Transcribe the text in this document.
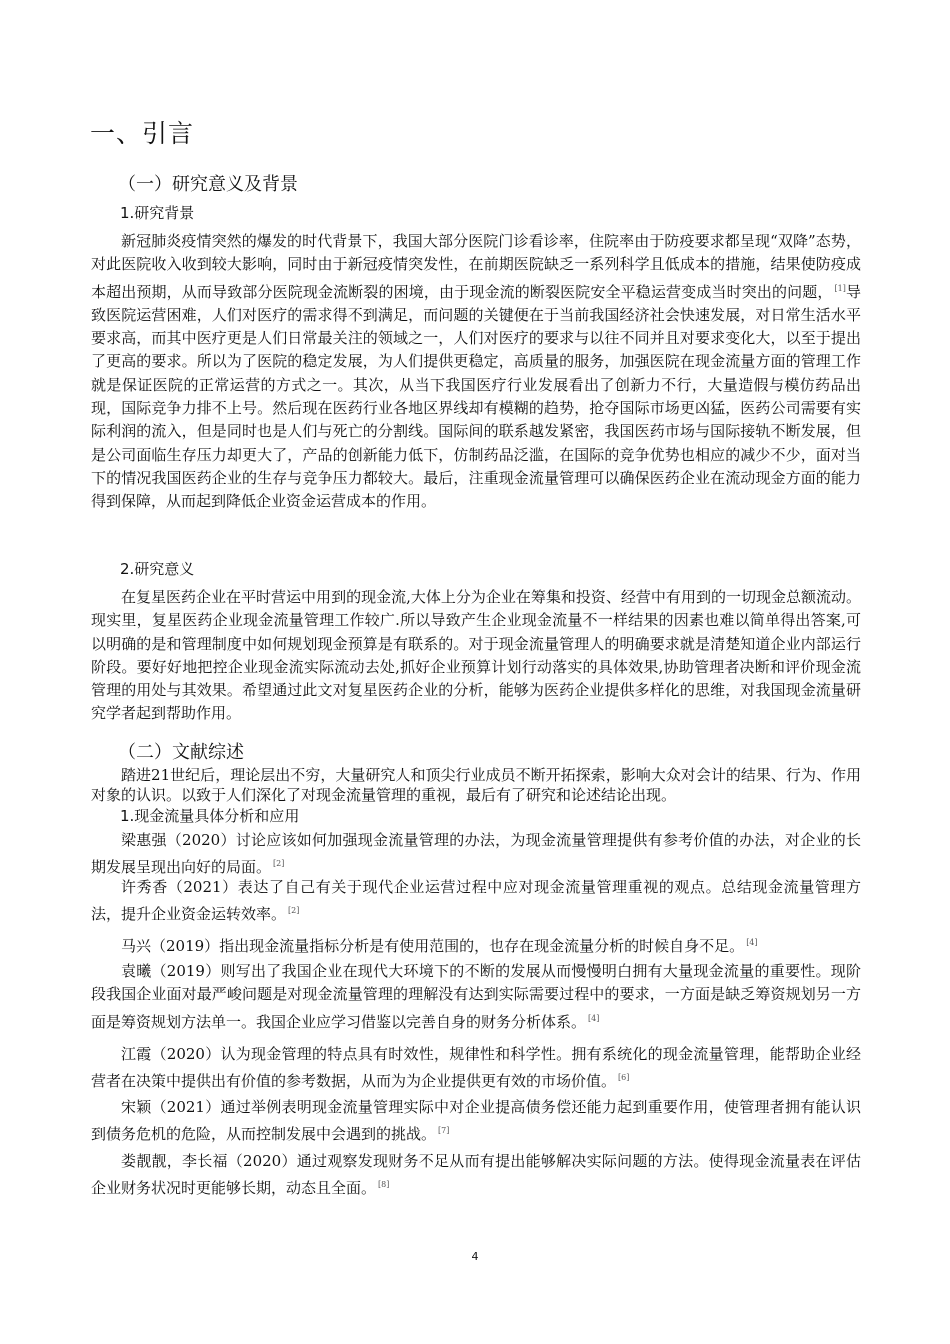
一、引言
（一）研究意义及背景
1.研究背景

新冠肺炎疫情突然的爆发的时代背景下，我国大部分医院门诊看诊率，住院率由于防疫要求都呈现“双降”态势，对此医院收入收到较大影响，同时由于新冠疫情突发性，在前期医院缺乏一系列科学且低成本的措施，结果使防疫成本超出预期，从而导致部分医院现金流断裂的困境，由于现金流的断裂医院安全平稳运营变成当时突出的问题， [1]导致医院运营困难，人们对医疗的需求得不到满足，而问题的关键便在于当前我国经济社会快速发展，对日常生活水平要求高，而其中医疗更是人们日常最关注的领域之一，人们对医疗的要求与以往不同并且对要求变化大，以至于提出了更高的要求。所以为了医院的稳定发展，为人们提供更稳定，高质量的服务，加强医院在现金流量方面的管理工作就是保证医院的正常运营的方式之一。其次，从当下我国医疗行业发展看出了创新力不行，大量造假与模仿药品出现，国际竞争力排不上号。然后现在医药行业各地区界线却有模糊的趋势，抢夺国际市场更凶猛，医药公司需要有实际利润的流入，但是同时也是人们与死亡的分割线。国际间的联系越发紧密，我国医药市场与国际接轨不断发展，但是公司面临生存压力却更大了，产品的创新能力低下，仿制药品泛滥，在国际的竞争优势也相应的减少不少，面对当下的情况我国医药企业的生存与竞争压力都较大。最后，注重现金流量管理可以确保医药企业在流动现金方面的能力得到保障，从而起到降低企业资金运营成本的作用。

2.研究意义

在复星医药企业在平时营运中用到的现金流,大体上分为企业在筹集和投资、经营中有用到的一切现金总额流动。现实里，复星医药企业现金流量管理工作较广.所以导致产生企业现金流量不一样结果的因素也难以简单得出答案,可以明确的是和管理制度中如何规划现金预算是有联系的。对于现金流量管理人的明确要求就是清楚知道企业内部运行阶段。要好好地把控企业现金流实际流动去处,抓好企业预算计划行动落实的具体效果,协助管理者决断和评价现金流管理的用处与其效果。希望通过此文对复星医药企业的分析，能够为医药企业提供多样化的思维，对我国现金流量研究学者起到帮助作用。

（二）文献综述

踏进21世纪后，理论层出不穷，大量研究人和顶尖行业成员不断开拓探索，影响大众对会计的结果、行为、作用对象的认识。以致于人们深化了对现金流量管理的重视，最后有了研究和论述结论出现。

1.现金流量具体分析和应用

梁惠强（2020）讨论应该如何加强现金流量管理的办法，为现金流量管理提供有参考价值的办法，对企业的长期发展呈现出向好的局面。 [2]

许秀香（2021）表达了自己有关于现代企业运营过程中应对现金流量管理重视的观点。总结现金流量管理方法，提升企业资金运转效率。 [2]

马兴（2019）指出现金流量指标分析是有使用范围的，也存在现金流量分析的时候自身不足。 [4]

袁曦（2019）则写出了我国企业在现代大环境下的不断的发展从而慢慢明白拥有大量现金流量的重要性。现阶段我国企业面对最严峻问题是对现金流量管理的理解没有达到实际需要过程中的要求，一方面是缺乏筹资规划另一方面是筹资规划方法单一。我国企业应学习借鉴以完善自身的财务分析体系。 [4]

江霞（2020）认为现金管理的特点具有时效性，规律性和科学性。拥有系统化的现金流量管理，能帮助企业经营者在决策中提供出有价值的参考数据，从而为为企业提供更有效的市场价值。 [6]

宋颖（2021）通过举例表明现金流量管理实际中对企业提高债务偿还能力起到重要作用，使管理者拥有能认识到债务危机的危险，从而控制发展中会遇到的挑战。 [7]

娄靓靓，李长福（2020）通过观察发现财务不足从而有提出能够解决实际问题的方法。使得现金流量表在评估企业财务状况时更能够长期，动态且全面。 [8]

4
